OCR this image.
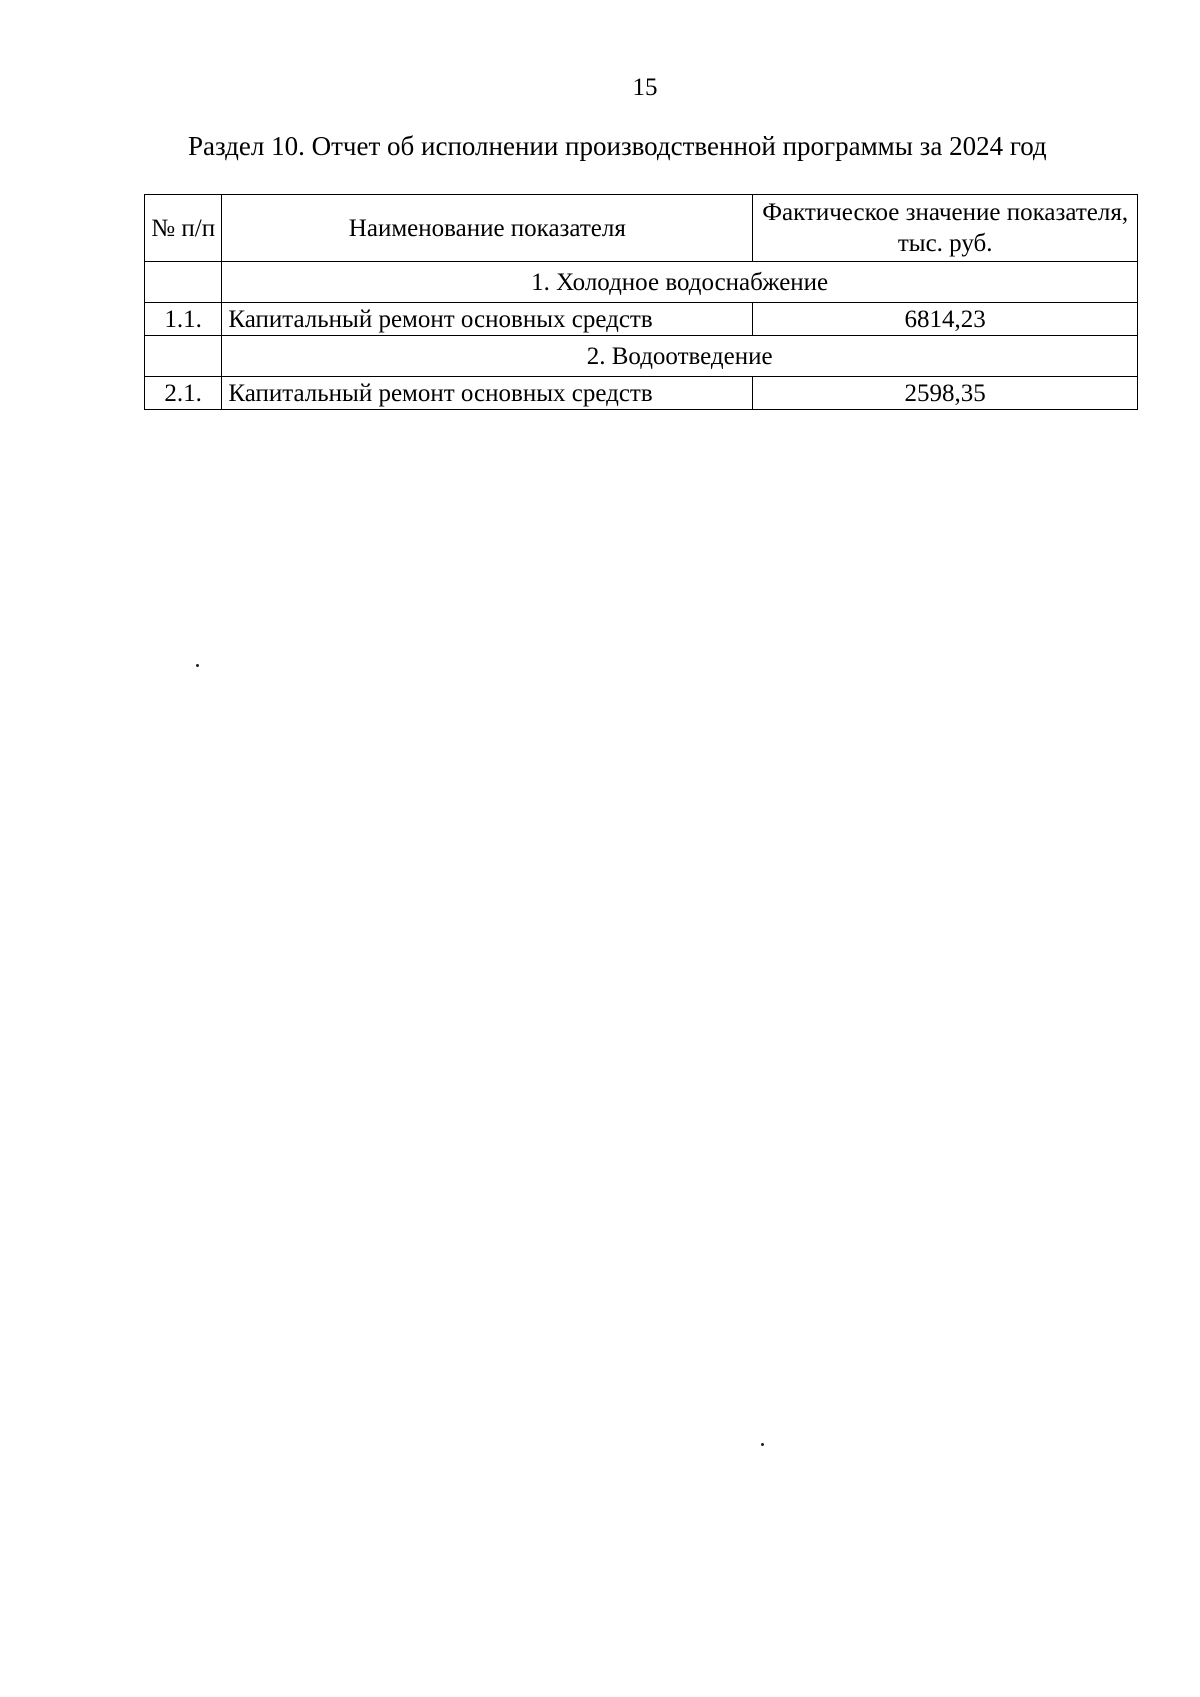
15
Раздел 10. Отчет об исполнении производственной программы за 2024 год
№ п/п	Наименование показателя	Фактическое значение показателя, тыс. руб.
	1. Холодное водоснабжение	
1.1.	Капитальный ремонт основных средств	6814,23
	2. Водоотведение	
2.1.	Капитальный ремонт основных средств	2598,35
